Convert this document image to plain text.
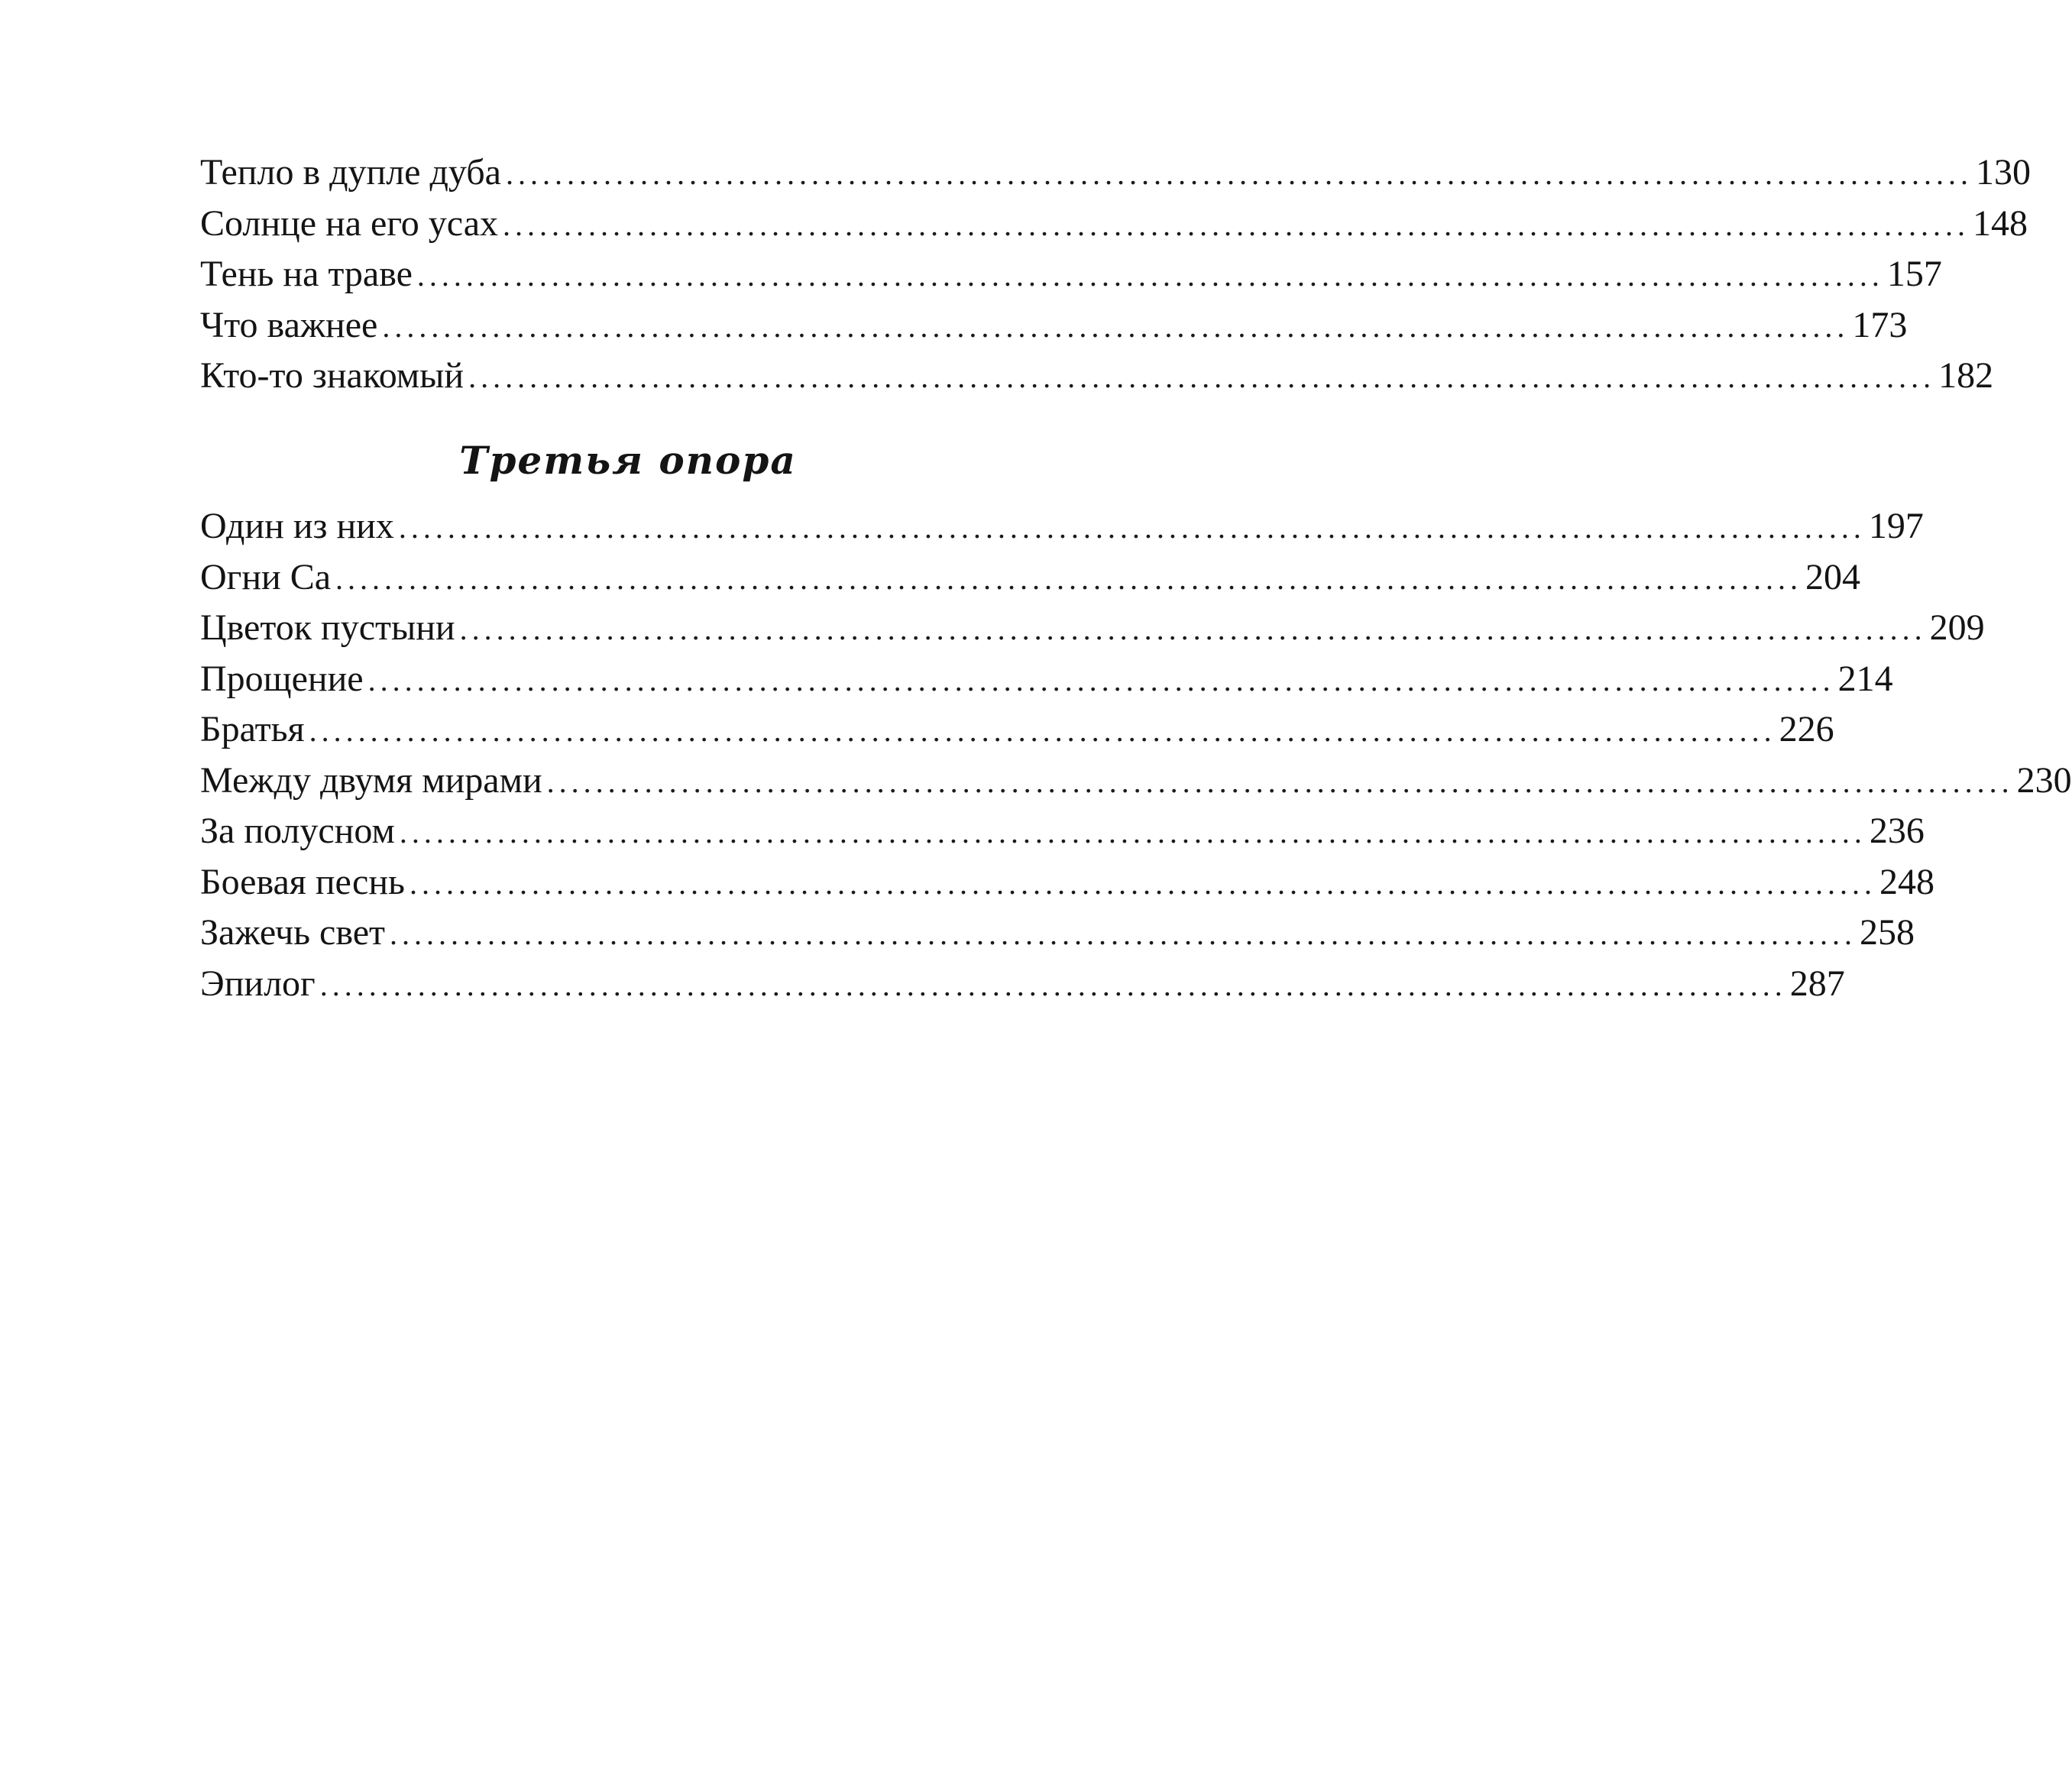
Тепло в дупле дуба ........................................................................................................................ 130
Солнце на его усах ........................................................................................................................ 148
Тень на траве ........................................................................................................................ 157
Что важнее ........................................................................................................................ 173
Кто-то знакомый ........................................................................................................................ 182
Третья опора
Один из них ........................................................................................................................ 197
Огни Са ........................................................................................................................ 204
Цветок пустыни ........................................................................................................................ 209
Прощение ........................................................................................................................ 214
Братья ........................................................................................................................ 226
Между двумя мирами ........................................................................................................................ 230
За полусном ........................................................................................................................ 236
Боевая песнь ........................................................................................................................ 248
Зажечь свет ........................................................................................................................ 258
Эпилог ........................................................................................................................ 287
